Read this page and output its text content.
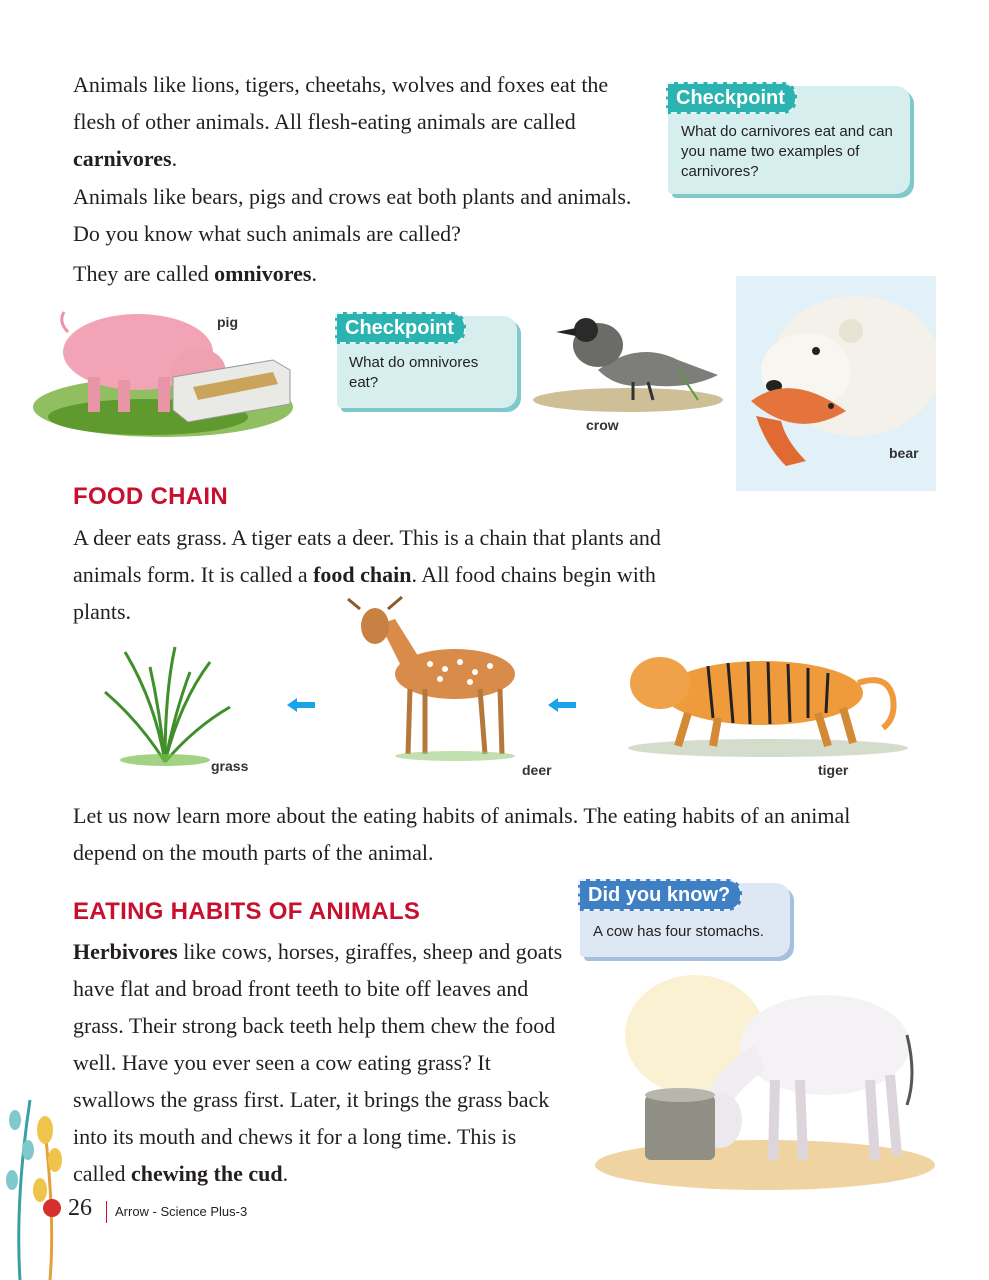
Animals like lions, tigers, cheetahs, wolves and foxes eat the flesh of other animals. All flesh-eating animals are called carnivores.

Animals like bears, pigs and crows eat both plants and animals. Do you know what such animals are called?

They are called omnivores.

Checkpoint
What do carnivores eat and can you name two examples of carnivores?
pig	Checkpoint
What do omnivores eat?
crow
bear
FOOD CHAIN

A deer eats grass. A tiger eats a deer. This is a chain that plants and animals form. It is called a food chain. All food chains begin with plants.

grass	deer	tiger

Let us now learn more about the eating habits of animals. The eating habits of an animal depend on the mouth parts of the animal.

EATING HABITS OF ANIMALS

Herbivores like cows, horses, giraffes, sheep and goats have flat and broad front teeth to bite off leaves and grass. Their strong back teeth help them chew the food well. Have you ever seen a cow eating grass? It swallows the grass first. Later, it brings the grass back into its mouth and chews it for a long time. This is called chewing the cud.

Did you know?
A cow has four stomachs.
26 Arrow - Science Plus-3
